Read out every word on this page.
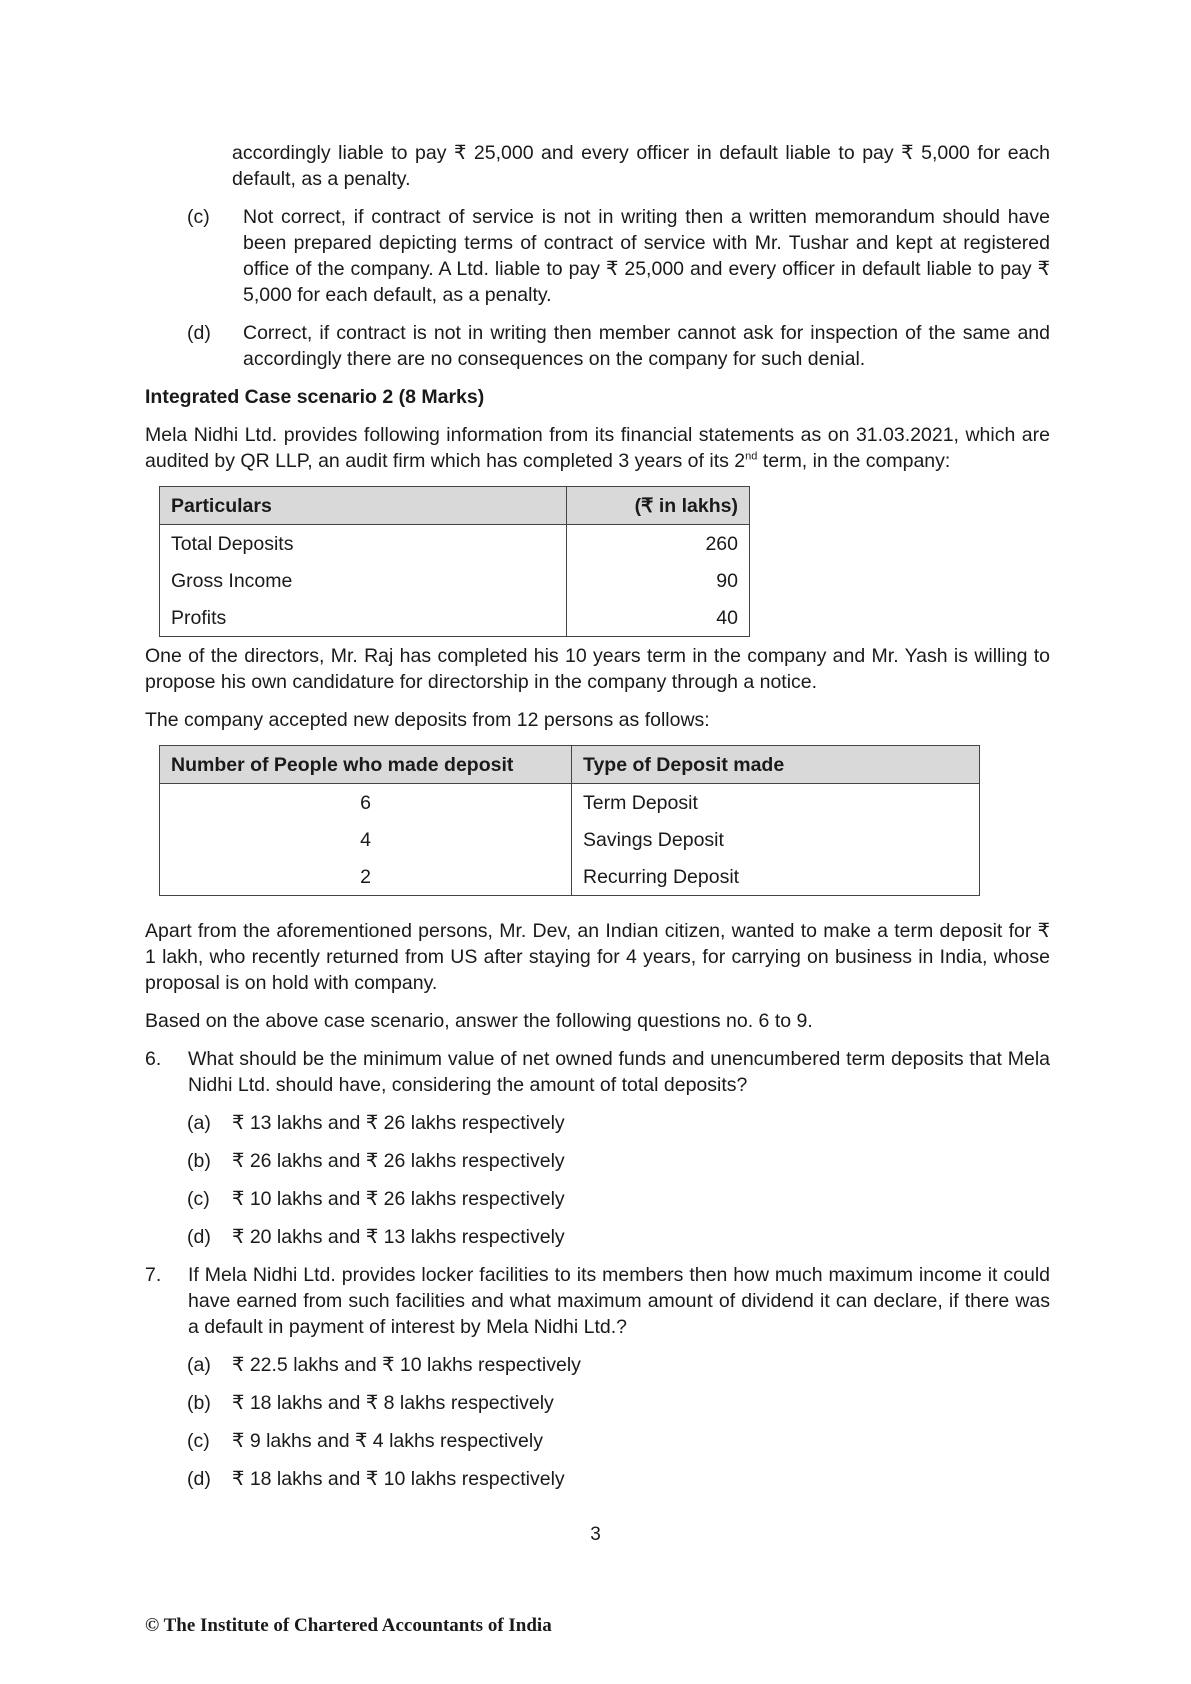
accordingly liable to pay ₹ 25,000 and every officer in default liable to pay ₹ 5,000 for each default, as a penalty.

(c)	Not correct, if contract of service is not in writing then a written memorandum should have been prepared depicting terms of contract of service with Mr. Tushar and kept at registered office of the company. A Ltd. liable to pay ₹ 25,000 and every officer in default liable to pay ₹ 5,000 for each default, as a penalty.
(d)	Correct, if contract is not in writing then member cannot ask for inspection of the same and accordingly there are no consequences on the company for such denial.

Integrated Case scenario 2 (8 Marks)

Mela Nidhi Ltd. provides following information from its financial statements as on 31.03.2021, which are audited by QR LLP, an audit firm which has completed 3 years of its 2nd term, in the company:

Particulars	(₹ in lakhs)
Total Deposits	260
Gross Income	90
Profits	40

One of the directors, Mr. Raj has completed his 10 years term in the company and Mr. Yash is willing to propose his own candidature for directorship in the company through a notice.

The company accepted new deposits from 12 persons as follows:

Number of People who made deposit	Type of Deposit made
6	Term Deposit
4	Savings Deposit
2	Recurring Deposit

Apart from the aforementioned persons, Mr. Dev, an Indian citizen, wanted to make a term deposit for ₹ 1 lakh, who recently returned from US after staying for 4 years, for carrying on business in India, whose proposal is on hold with company.

Based on the above case scenario, answer the following questions no. 6 to 9.

6.	What should be the minimum value of net owned funds and unencumbered term deposits that Mela Nidhi Ltd. should have, considering the amount of total deposits?
(a)	₹ 13 lakhs and ₹ 26 lakhs respectively
(b)	₹ 26 lakhs and ₹ 26 lakhs respectively
(c)	₹ 10 lakhs and ₹ 26 lakhs respectively
(d)	₹ 20 lakhs and ₹ 13 lakhs respectively
7.	If Mela Nidhi Ltd. provides locker facilities to its members then how much maximum income it could have earned from such facilities and what maximum amount of dividend it can declare, if there was a default in payment of interest by Mela Nidhi Ltd.?
(a)	₹ 22.5 lakhs and ₹ 10 lakhs respectively
(b)	₹ 18 lakhs and ₹ 8 lakhs respectively
(c)	₹ 9 lakhs and ₹ 4 lakhs respectively
(d)	₹ 18 lakhs and ₹ 10 lakhs respectively
3
© The Institute of Chartered Accountants of India
